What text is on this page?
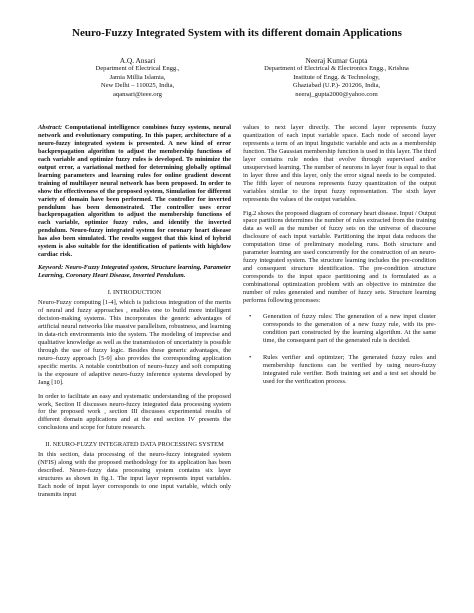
Neuro-Fuzzy Integrated System with its different domain Applications
A.Q. Ansari
Department of Electrical Engg.,
Jamia Millia Islamia,
New Delhi – 110025, India,
aqansari@ieee.org
Neeraj Kumar Gupta
Department of Electrical & Electronics Engg., Krishna
Institute of Engg. & Technology,
Ghaziabad (U.P.)- 201206, India,
neeraj_gupta2000@yahoo.com

Abstract: Computational intelligence combines fuzzy systems, neural network and evolutionary computing. In this paper, architecture of a neuro-fuzzy integrated system is presented. A new kind of error backpropagation algorithm to adjust the membership functions of each variable and optimize fuzzy rules is developed. To minimize the output error, a variational method for determining globally optimal learning parameters and learning rules for online gradient descent training of multilayer neural network has been proposed. In order to show the effectiveness of the proposed system, Simulation for different variety of domain have been performed. The controller for inverted pendulum has been demonstrated. The controller uses error backpropagation algorithm to adjust the membership functions of each variable, optimize fuzzy rules, and identify the inverted pendulum. Neuro-fuzzy integrated system for coronary heart disease has also been simulated. The results suggest that this kind of hybrid system is also suitable for the identification of patients with high/low cardiac risk.

Keyword: Neuro-Fuzzy Integrated system, Structure learning, Parameter Learning, Coronary Heart Disease, Inverted Pendulum.

I. INTRODUCTION

Neuro-Fuzzy computing [1-4], which is judicious integration of the merits of neural and fuzzy approaches , enables one to build more intelligent decision-making systems. This incorporates the generic advantages of artificial neural networks like massive parallelism, robustness, and learning in data-rich environments into the system. The modeling of imprecise and qualitative knowledge as well as the transmission of uncertainty is possible through the use of fuzzy logic. Besides these generic advantages, the neuro–fuzzy approach [5-9] also provides the corresponding application specific merits. A notable contribution of neuro-fuzzy and soft computing is the exposure of adaptive neuro-fuzzy inference systems developed by Jang [10].

In order to facilitate an easy and systematic understanding of the proposed work, Section II discusses neuro-fuzzy integrated data processing system for the proposed work , section III discusses experimental results of different domain applications and at the end section IV presents the conclusions and scope for future research.

II. NEURO-FUZZY INTEGRATED DATA PROCESSING SYSTEM

In this section, data processing of the neuro-fuzzy integrated system (NFIS) along with the proposed methodology for its application has been described. Neuro-fuzzy data processing system contains six layer structures as shown in fig.1. The input layer represents input variables. Each node of input layer corresponds to one input variable, which only transmits input

values to next layer directly. The second layer represents fuzzy quantization of each input variable space. Each node of second layer represents a term of an input linguistic variable and acts as a membership function. The Gaussian membership function is used in this layer. The third layer contains rule nodes that evolve through supervised and/or unsupervised learning. The number of neurons in layer four is equal to that in layer three and this layer, only the error signal needs to be computed. The fifth layer of neurons represents fuzzy quantization of the output variables similar to the input fuzzy representation. The sixth layer represents the values of the output variables.

Fig.2 shows the proposed diagram of coronary heart disease. Input / Output space partitions determines the number of rules extracted from the training data as well as the number of fuzzy sets on the universe of discourse disclosure of each input variable. Partitioning the input data reduces the computation time of preliminary modeling runs. Both structure and parameter learning are used concurrently for the construction of an neuro-fuzzy integrated system. The structure learning includes the pre-condition and consequent structure identification. The pre-condition structure corresponds to the input space partitioning and is formulated as a combinational optimization problem with an objective to minimize the number of rules generated and number of fuzzy sets. Structure learning performs following processes:

• Generation of fuzzy rules: The generation of a new input cluster corresponds to the generation of a new fuzzy rule, with its pre-condition part constructed by the learning algorithm. At the same time, the consequent part of the generated rule is decided.
• Rules verifier and optimizer; The generated fuzzy rules and membership functions can be verified by using neuro-fuzzy integrated rule verifier. Both training set and a test set should be used for the verification process.
